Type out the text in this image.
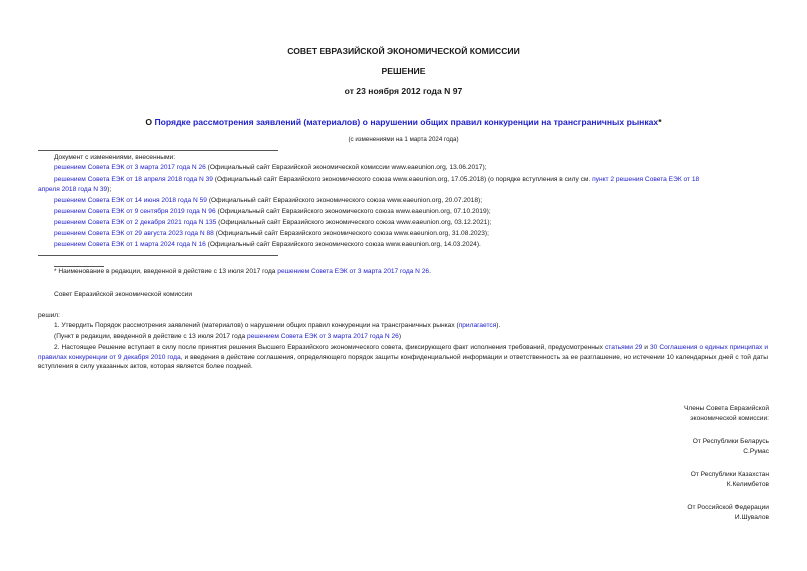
СОВЕТ ЕВРАЗИЙСКОЙ ЭКОНОМИЧЕСКОЙ КОМИССИИ
РЕШЕНИЕ
от 23 ноября 2012 года N 97
О Порядке рассмотрения заявлений (материалов) о нарушении общих правил конкуренции на трансграничных рынках*
(с изменениями на 1 марта 2024 года)
Документ с изменениями, внесенными:
решением Совета ЕЭК от 3 марта 2017 года N 26 (Официальный сайт Евразийской экономической комиссии www.eaeunion.org, 13.06.2017);
решением Совета ЕЭК от 18 апреля 2018 года N 39 (Официальный сайт Евразийского экономического союза www.eaeunion.org, 17.05.2018) (о порядке вступления в силу см. пункт 2 решения Совета ЕЭК от 18
апреля 2018 года N 39);
решением Совета ЕЭК от 14 июня 2018 года N 59 (Официальный сайт Евразийского экономического союза www.eaeunion.org, 20.07.2018);
решением Совета ЕЭК от 9 сентября 2019 года N 96 (Официальный сайт Евразийского экономического союза www.eaeunion.org, 07.10.2019);
решением Совета ЕЭК от 2 декабря 2021 года N 135 (Официальный сайт Евразийского экономического союза www.eaeunion.org, 03.12.2021);
решением Совета ЕЭК от 29 августа 2023 года N 88 (Официальный сайт Евразийского экономического союза www.eaeunion.org, 31.08.2023);
решением Совета ЕЭК от 1 марта 2024 года N 16 (Официальный сайт Евразийского экономического союза www.eaeunion.org, 14.03.2024).
* Наименование в редакции, введенной в действие с 13 июля 2017 года решением Совета ЕЭК от 3 марта 2017 года N 26.
Совет Евразийской экономической комиссии
решил:
1. Утвердить Порядок рассмотрения заявлений (материалов) о нарушении общих правил конкуренции на трансграничных рынках (прилагается).
(Пункт в редакции, введенной в действие с 13 июля 2017 года решением Совета ЕЭК от 3 марта 2017 года N 26)
2. Настоящее Решение вступает в силу после принятия решения Высшего Евразийского экономического совета, фиксирующего факт исполнения требований, предусмотренных статьями 29 и 30 Соглашения о единых принципах и правилах конкуренции от 9 декабря 2010 года, и введения в действие соглашения, определяющего порядок защиты конфиденциальной информации и ответственность за ее разглашение, но истечении 10 календарных дней с той даты вступления в силу указанных актов, которая является более поздней.
Члены Совета Евразийской
экономической комиссии:
От Республики Беларусь
С.Румас
От Республики Казахстан
К.Келимбетов
От Российской Федерации
И.Шувалов
